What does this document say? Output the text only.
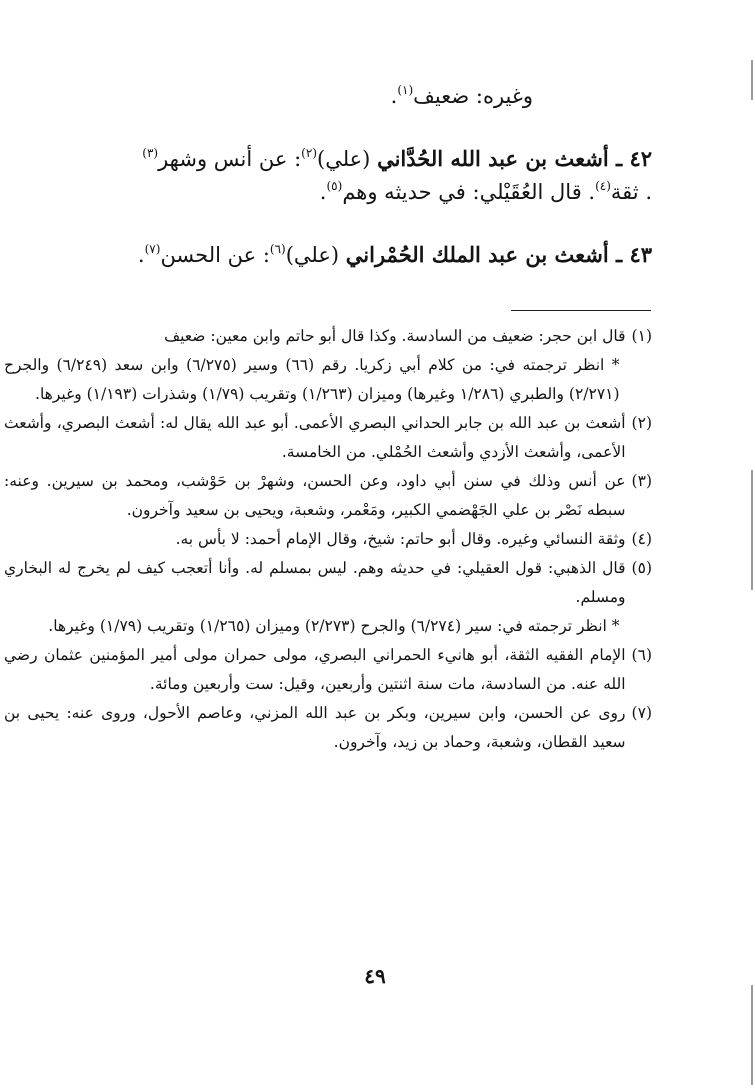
وغيره: ضعيف$^{(١)}$.
٤٢ ـ أشعث بن عبد الله الحُدَّاني (علي)$^{(٢)}$: عن أنس وشهر$^{(٣)}$
. ثقة$^{(٤)}$. قال العُقَيْلي: في حديثه وهم$^{(٥)}$.
٤٣ ـ أشعث بن عبد الملك الحُمْراني (علي)$^{(٦)}$: عن الحسن$^{(٧)}$.
(١)
قال ابن حجر: ضعيف من السادسة. وكذا قال أبو حاتم وابن معين: ضعيف
* انظر ترجمته في: من كلام أبي زكريا. رقم (٦٦) وسير (٦/٢٧٥) وابن سعد (٦/٢٤٩) والجرح (٢/٢٧١) والطبري (١/٢٨٦ وغيرها) وميزان (١/٢٦٣) وتقريب (١/٧٩) وشذرات (١/١٩٣) وغيرها.
(٢)
أشعث بن عبد الله بن جابر الحداني البصري الأعمى. أبو عبد الله يقال له: أشعث البصري، وأشعث الأعمى، وأشعث الأزدي وأشعث الحُمْلي. من الخامسة.
(٣)
عن أنس وذلك في سنن أبي داود، وعن الحسن، وشهرْ بن حَوْشب، ومحمد بن سيرين. وعنه: سبطه نَصْر بن علي الجَهْضمي الكبير، ومَعْمر، وشعبة، ويحيى بن سعيد وآخرون.
(٤)
وثقة النسائي وغيره. وقال أبو حاتم: شيخ، وقال الإمام أحمد: لا بأس به.
(٥)
قال الذهبي: قول العقيلي: في حديثه وهم. ليس بمسلم له. وأنا أتعجب كيف لم يخرج له البخاري ومسلم.
* انظر ترجمته في: سير (٦/٢٧٤) والجرح (٢/٢٧٣) وميزان (١/٢٦٥) وتقريب (١/٧٩) وغيرها.
(٦)
الإمام الفقيه الثقة، أبو هانيء الحمراني البصري، مولى حمران مولى أمير المؤمنين عثمان رضي الله عنه. من السادسة، مات سنة اثنتين وأربعين، وقيل: ست وأربعين ومائة.
(٧)
روى عن الحسن، وابن سيرين، وبكر بن عبد الله المزني، وعاصم الأحول، وروى عنه: يحيى بن سعيد القطان، وشعبة، وحماد بن زيد، وآخرون.
٤٩
